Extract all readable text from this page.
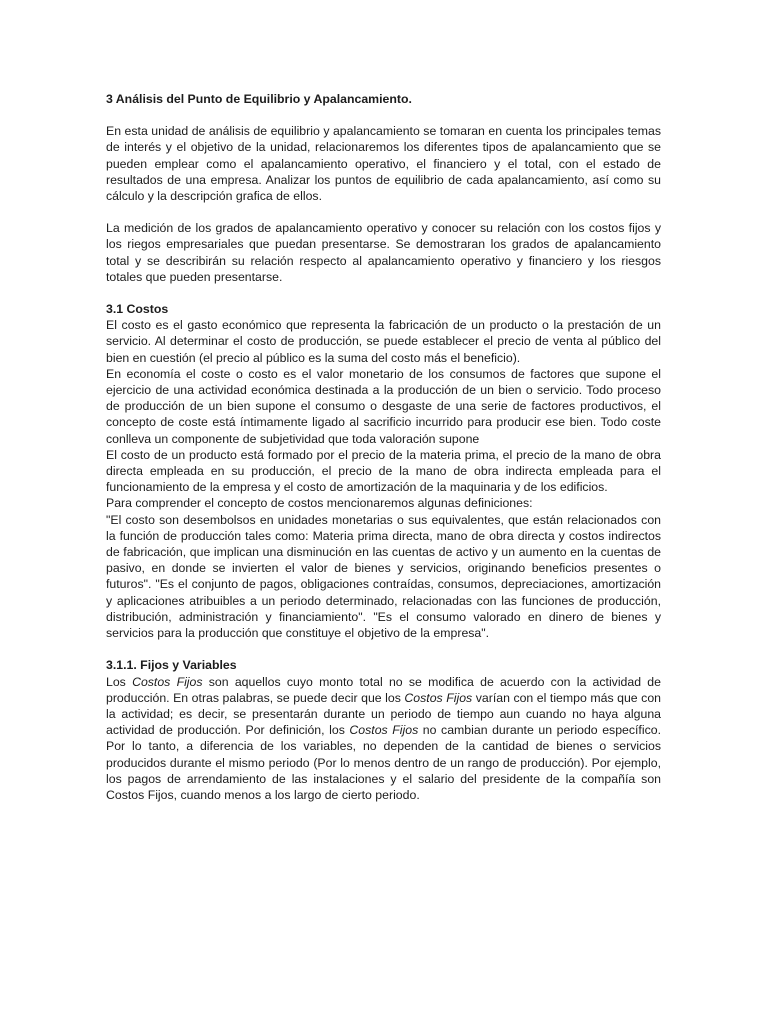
3 Análisis del Punto de Equilibrio y Apalancamiento.

En esta unidad de análisis de equilibrio y apalancamiento se tomaran en cuenta los principales temas de interés y el objetivo de la unidad, relacionaremos los diferentes tipos de apalancamiento que se pueden emplear como el apalancamiento operativo, el financiero y el total, con el estado de resultados de una empresa. Analizar los puntos de equilibrio de cada apalancamiento, así como su cálculo y la descripción grafica de ellos.

La medición de los grados de apalancamiento operativo y conocer su relación con los costos fijos y los riegos empresariales que puedan presentarse. Se demostraran los grados de apalancamiento total y se describirán su relación respecto al apalancamiento operativo y financiero y los riesgos totales que pueden presentarse.

3.1 Costos

El costo es el gasto económico que representa la fabricación de un producto o la prestación de un servicio. Al determinar el costo de producción, se puede establecer el precio de venta al público del bien en cuestión (el precio al público es la suma del costo más el beneficio).

En economía el coste o costo es el valor monetario de los consumos de factores que supone el ejercicio de una actividad económica destinada a la producción de un bien o servicio. Todo proceso de producción de un bien supone el consumo o desgaste de una serie de factores productivos, el concepto de coste está íntimamente ligado al sacrificio incurrido para producir ese bien. Todo coste conlleva un componente de subjetividad que toda valoración supone

El costo de un producto está formado por el precio de la materia prima, el precio de la mano de obra directa empleada en su producción, el precio de la mano de obra indirecta empleada para el funcionamiento de la empresa y el costo de amortización de la maquinaria y de los edificios.

Para comprender el concepto de costos mencionaremos algunas definiciones:

"El costo son desembolsos en unidades monetarias o sus equivalentes, que están relacionados con la función de producción tales como: Materia prima directa, mano de obra directa y costos indirectos de fabricación, que implican una disminución en las cuentas de activo y un aumento en la cuentas de pasivo, en donde se invierten el valor de bienes y servicios, originando beneficios presentes o futuros". "Es el conjunto de pagos, obligaciones contraídas, consumos, depreciaciones, amortización y aplicaciones atribuibles a un periodo determinado, relacionadas con las funciones de producción, distribución, administración y financiamiento". "Es el consumo valorado en dinero de bienes y servicios para la producción que constituye el objetivo de la empresa".

3.1.1. Fijos y Variables

Los Costos Fijos son aquellos cuyo monto total no se modifica de acuerdo con la actividad de producción. En otras palabras, se puede decir que los Costos Fijos varían con el tiempo más que con la actividad; es decir, se presentarán durante un periodo de tiempo aun cuando no haya alguna actividad de producción. Por definición, los Costos Fijos no cambian durante un periodo específico. Por lo tanto, a diferencia de los variables, no dependen de la cantidad de bienes o servicios producidos durante el mismo periodo (Por lo menos dentro de un rango de producción). Por ejemplo, los pagos de arrendamiento de las instalaciones y el salario del presidente de la compañía son Costos Fijos, cuando menos a los largo de cierto periodo.
